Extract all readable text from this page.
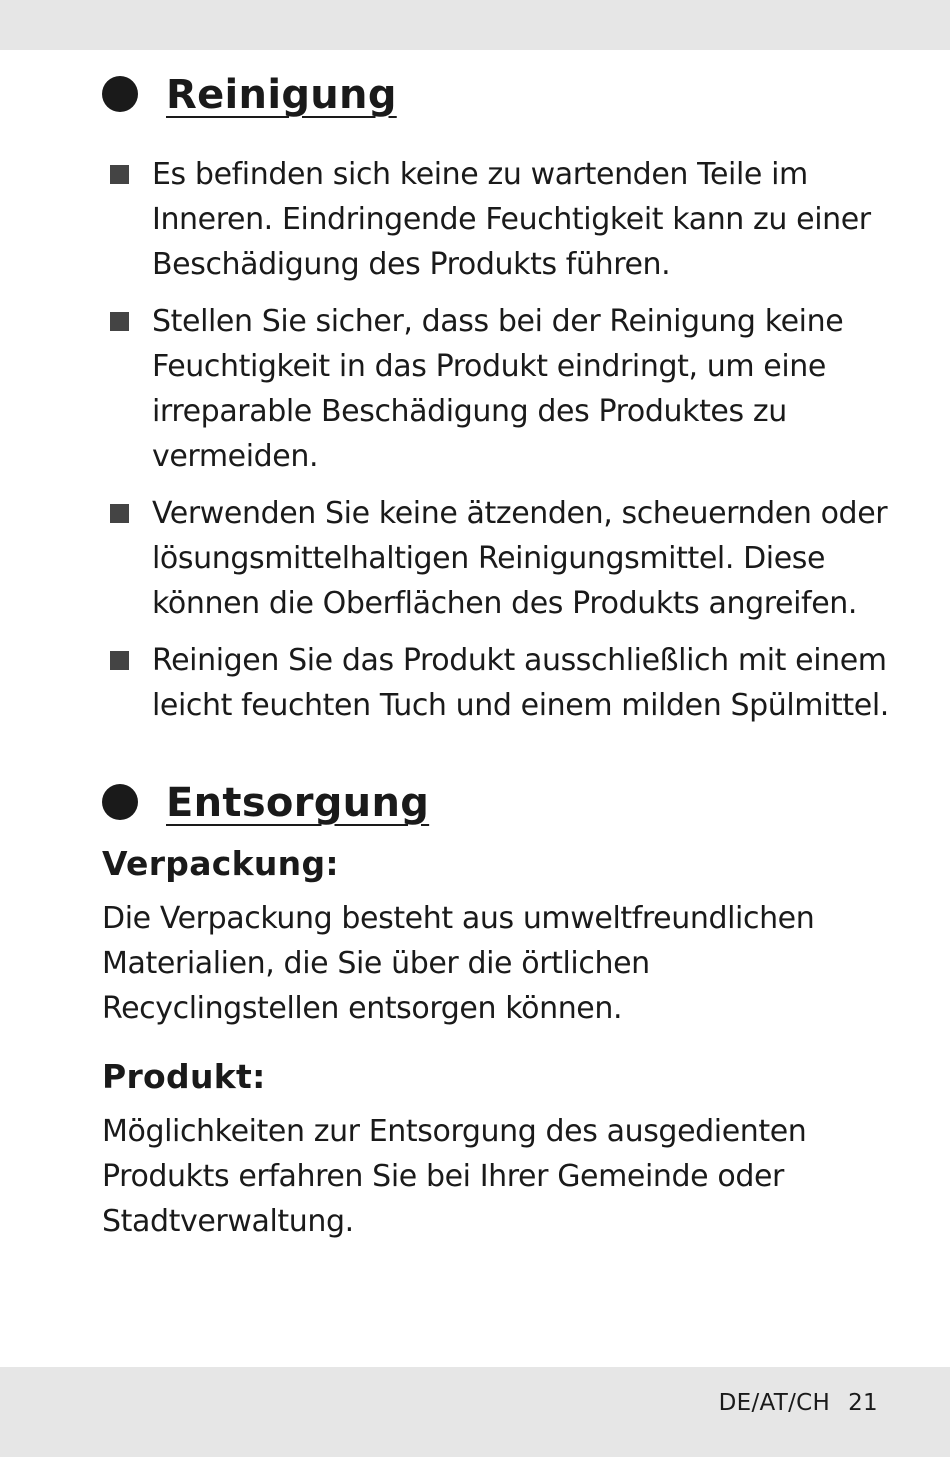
Reinigung
Es befinden sich keine zu wartenden Teile im Inneren. Eindringende Feuchtigkeit kann zu einer Beschädigung des Produkts führen.
Stellen Sie sicher, dass bei der Reinigung keine Feuchtigkeit in das Produkt eindringt, um eine irreparable Beschädigung des Produktes zu vermeiden.
Verwenden Sie keine ätzenden, scheuernden oder lösungsmittelhaltigen Reinigungsmittel. Diese können die Oberflächen des Produkts angreifen.
Reinigen Sie das Produkt ausschließlich mit einem leicht feuchten Tuch und einem milden Spülmittel.
Entsorgung

Verpackung:

Die Verpackung besteht aus umweltfreundlichen Materialien, die Sie über die örtlichen Recyclingstellen entsorgen können.

Produkt:

Möglichkeiten zur Entsorgung des ausgedienten Produkts erfahren Sie bei Ihrer Gemeinde oder Stadtverwaltung.

DE/AT/CH 21
